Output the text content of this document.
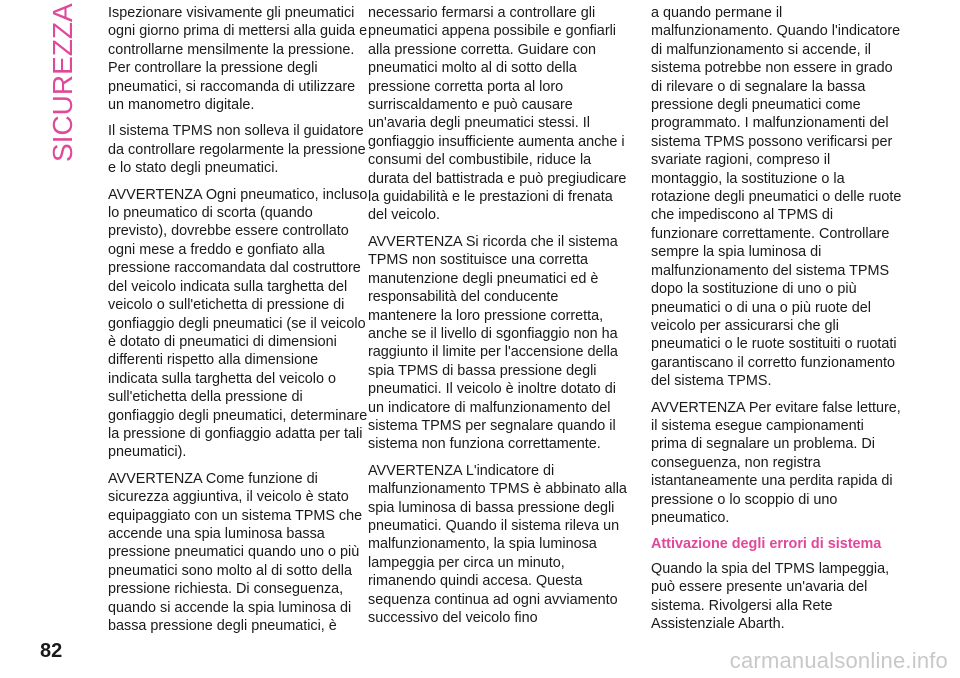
SICUREZZA Ispezionare visivamente gli pneumatici ogni giorno prima di mettersi alla guida e controllarne mensilmente la pressione. Per controllare la pressione degli pneumatici, si raccomanda di utilizzare un manometro digitale.

Il sistema TPMS non solleva il guidatore da controllare regolarmente la pressione e lo stato degli pneumatici.

AVVERTENZA Ogni pneumatico, incluso lo pneumatico di scorta (quando previsto), dovrebbe essere controllato ogni mese a freddo e gonfiato alla pressione raccomandata dal costruttore del veicolo indicata sulla targhetta del veicolo o sull'etichetta di pressione di gonfiaggio degli pneumatici (se il veicolo è dotato di pneumatici di dimensioni differenti rispetto alla dimensione indicata sulla targhetta del veicolo o sull'etichetta della pressione di gonfiaggio degli pneumatici, determinare la pressione di gonfiaggio adatta per tali pneumatici).

AVVERTENZA Come funzione di sicurezza aggiuntiva, il veicolo è stato equipaggiato con un sistema TPMS che accende una spia luminosa bassa pressione pneumatici quando uno o più pneumatici sono molto al di sotto della pressione richiesta. Di conseguenza, quando si accende la spia luminosa di bassa pressione degli pneumatici, è

necessario fermarsi a controllare gli pneumatici appena possibile e gonfiarli alla pressione corretta. Guidare con pneumatici molto al di sotto della pressione corretta porta al loro surriscaldamento e può causare un'avaria degli pneumatici stessi. Il gonfiaggio insufficiente aumenta anche i consumi del combustibile, riduce la durata del battistrada e può pregiudicare la guidabilità e le prestazioni di frenata del veicolo.

AVVERTENZA Si ricorda che il sistema TPMS non sostituisce una corretta manutenzione degli pneumatici ed è responsabilità del conducente mantenere la loro pressione corretta, anche se il livello di sgonfiaggio non ha raggiunto il limite per l'accensione della spia TPMS di bassa pressione degli pneumatici. Il veicolo è inoltre dotato di un indicatore di malfunzionamento del sistema TPMS per segnalare quando il sistema non funziona correttamente.

AVVERTENZA L'indicatore di malfunzionamento TPMS è abbinato alla spia luminosa di bassa pressione degli pneumatici. Quando il sistema rileva un malfunzionamento, la spia luminosa lampeggia per circa un minuto, rimanendo quindi accesa. Questa sequenza continua ad ogni avviamento successivo del veicolo fino

a quando permane il malfunzionamento. Quando l'indicatore di malfunzionamento si accende, il sistema potrebbe non essere in grado di rilevare o di segnalare la bassa pressione degli pneumatici come programmato. I malfunzionamenti del sistema TPMS possono verificarsi per svariate ragioni, compreso il montaggio, la sostituzione o la rotazione degli pneumatici o delle ruote che impediscono al TPMS di funzionare correttamente. Controllare sempre la spia luminosa di malfunzionamento del sistema TPMS dopo la sostituzione di uno o più pneumatici o di una o più ruote del veicolo per assicurarsi che gli pneumatici o le ruote sostituiti o ruotati garantiscano il corretto funzionamento del sistema TPMS.

AVVERTENZA Per evitare false letture, il sistema esegue campionamenti prima di segnalare un problema. Di conseguenza, non registra istantaneamente una perdita rapida di pressione o lo scoppio di uno pneumatico.

Attivazione degli errori di sistema

Quando la spia del TPMS lampeggia, può essere presente un'avaria del sistema. Rivolgersi alla Rete Assistenziale Abarth.

82	carmanualsonline.info
